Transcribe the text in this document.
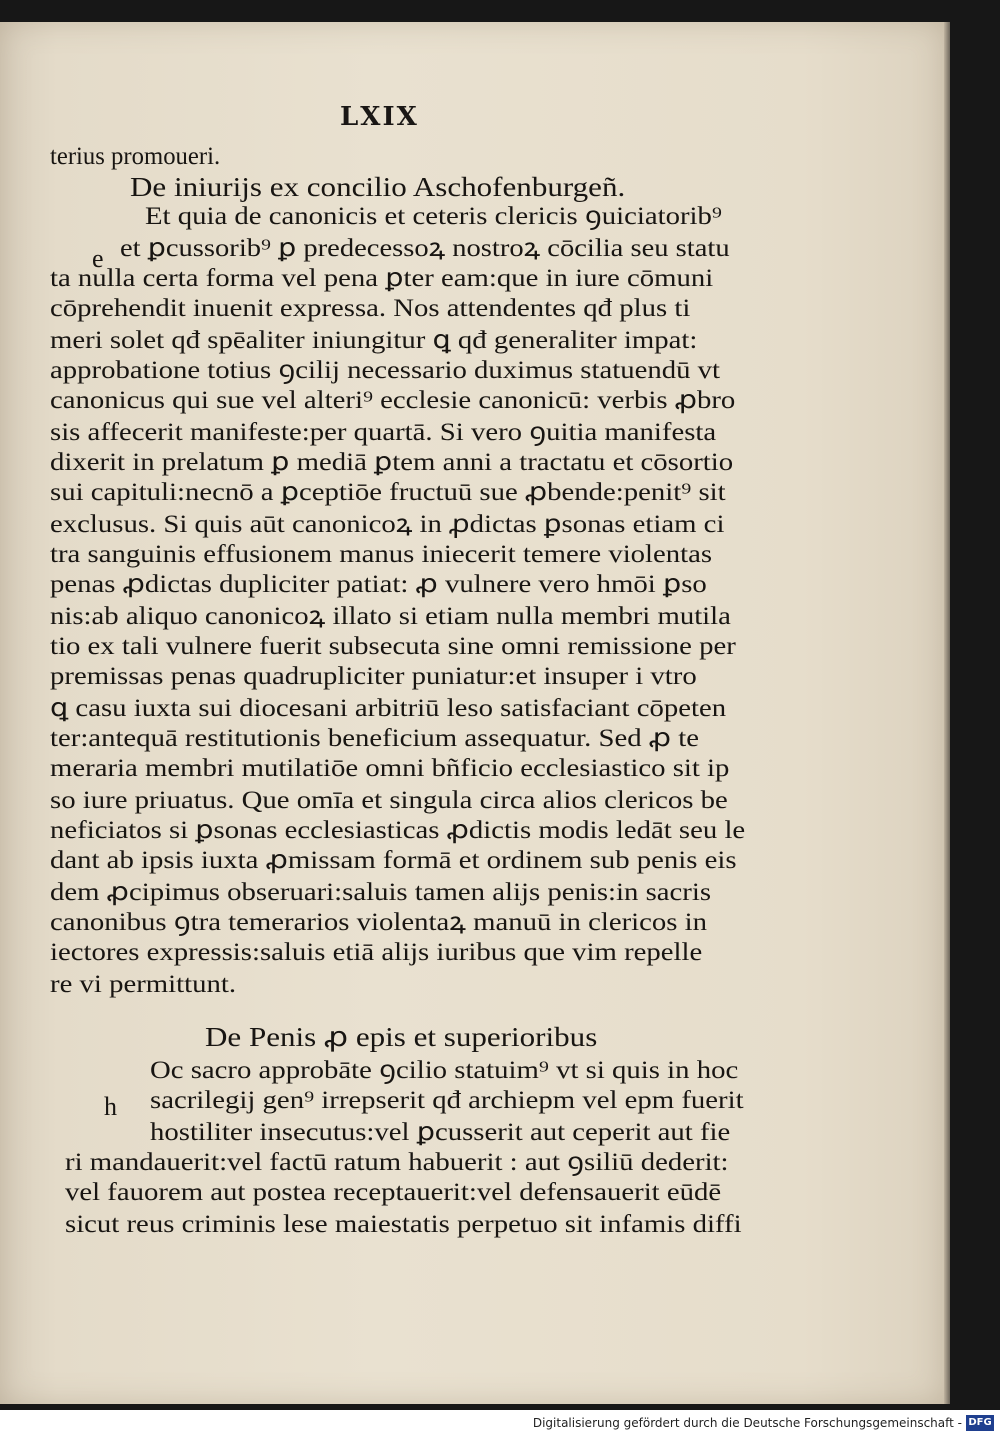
LXIX
terius promoueri.
De iniurijs ex concilio Aschofenburgeñ.
Et quia de canonicis et ceteris clericis ꝯuiciatorib⁹
et ꝑcussorib⁹ ꝑ predecessoꝝ nostroꝝ cōcilia seu statu
ta nulla certa forma vel pena ꝑter eam:que in iure cōmuni
cōprehendit inuenit expressa. Nos attendentes qđ plus ti
meri solet qđ spēaliter iniungitur ꝗ qđ generaliter impat:
approbatione totius ꝯcilij necessario duximus statuendū vt
canonicus qui sue vel alteri⁹ ecclesie canonicū: verbis ꝓbro
sis affecerit manifeste:per quartā. Si vero ꝯuitia manifesta
dixerit in prelatum ꝑ mediā ꝑtem anni a tractatu et cōsortio
sui capituli:necnō a ꝑceptiōe fructuū sue ꝓbende:penit⁹ sit
exclusus. Si quis aūt canonicoꝝ in ꝓdictas ꝑsonas etiam ci
tra sanguinis effusionem manus iniecerit temere violentas
penas ꝓdictas dupliciter patiat: ꝓ vulnere vero hmōi ꝑso
nis:ab aliquo canonicoꝝ illato si etiam nulla membri mutila
tio ex tali vulnere fuerit subsecuta sine omni remissione per
premissas penas quadrupliciter puniatur:et insuper i vtro
ꝗ casu iuxta sui diocesani arbitriū leso satisfaciant cōpeten
ter:antequā restitutionis beneficium assequatur. Sed ꝓ te
meraria membri mutilatiōe omni bñficio ecclesiastico sit ip
so iure priuatus. Que omīa et singula circa alios clericos be
neficiatos si ꝑsonas ecclesiasticas ꝓdictis modis ledāt seu le
dant ab ipsis iuxta ꝓmissam formā et ordinem sub penis eis
dem ꝓcipimus obseruari:saluis tamen alijs penis:in sacris
canonibus ꝯtra temerarios violentaꝝ manuū in clericos in
iectores expressis:saluis etiā alijs iuribus que vim repelle
re vi permittunt.
De Penis ꝓ epis et superioribus
Oc sacro approbāte ꝯcilio statuim⁹ vt si quis in hoc
sacrilegij gen⁹ irrepserit qđ archiepm vel epm fuerit
hostiliter insecutus:vel ꝑcusserit aut ceperit aut fie
ri mandauerit:vel factū ratum habuerit : aut ꝯsiliū dederit:
vel fauorem aut postea receptauerit:vel defensauerit eūdē
sicut reus criminis lese maiestatis perpetuo sit infamis diffi
e
h
Digitalisierung gefördert durch die Deutsche Forschungsgemeinschaft - DFG
